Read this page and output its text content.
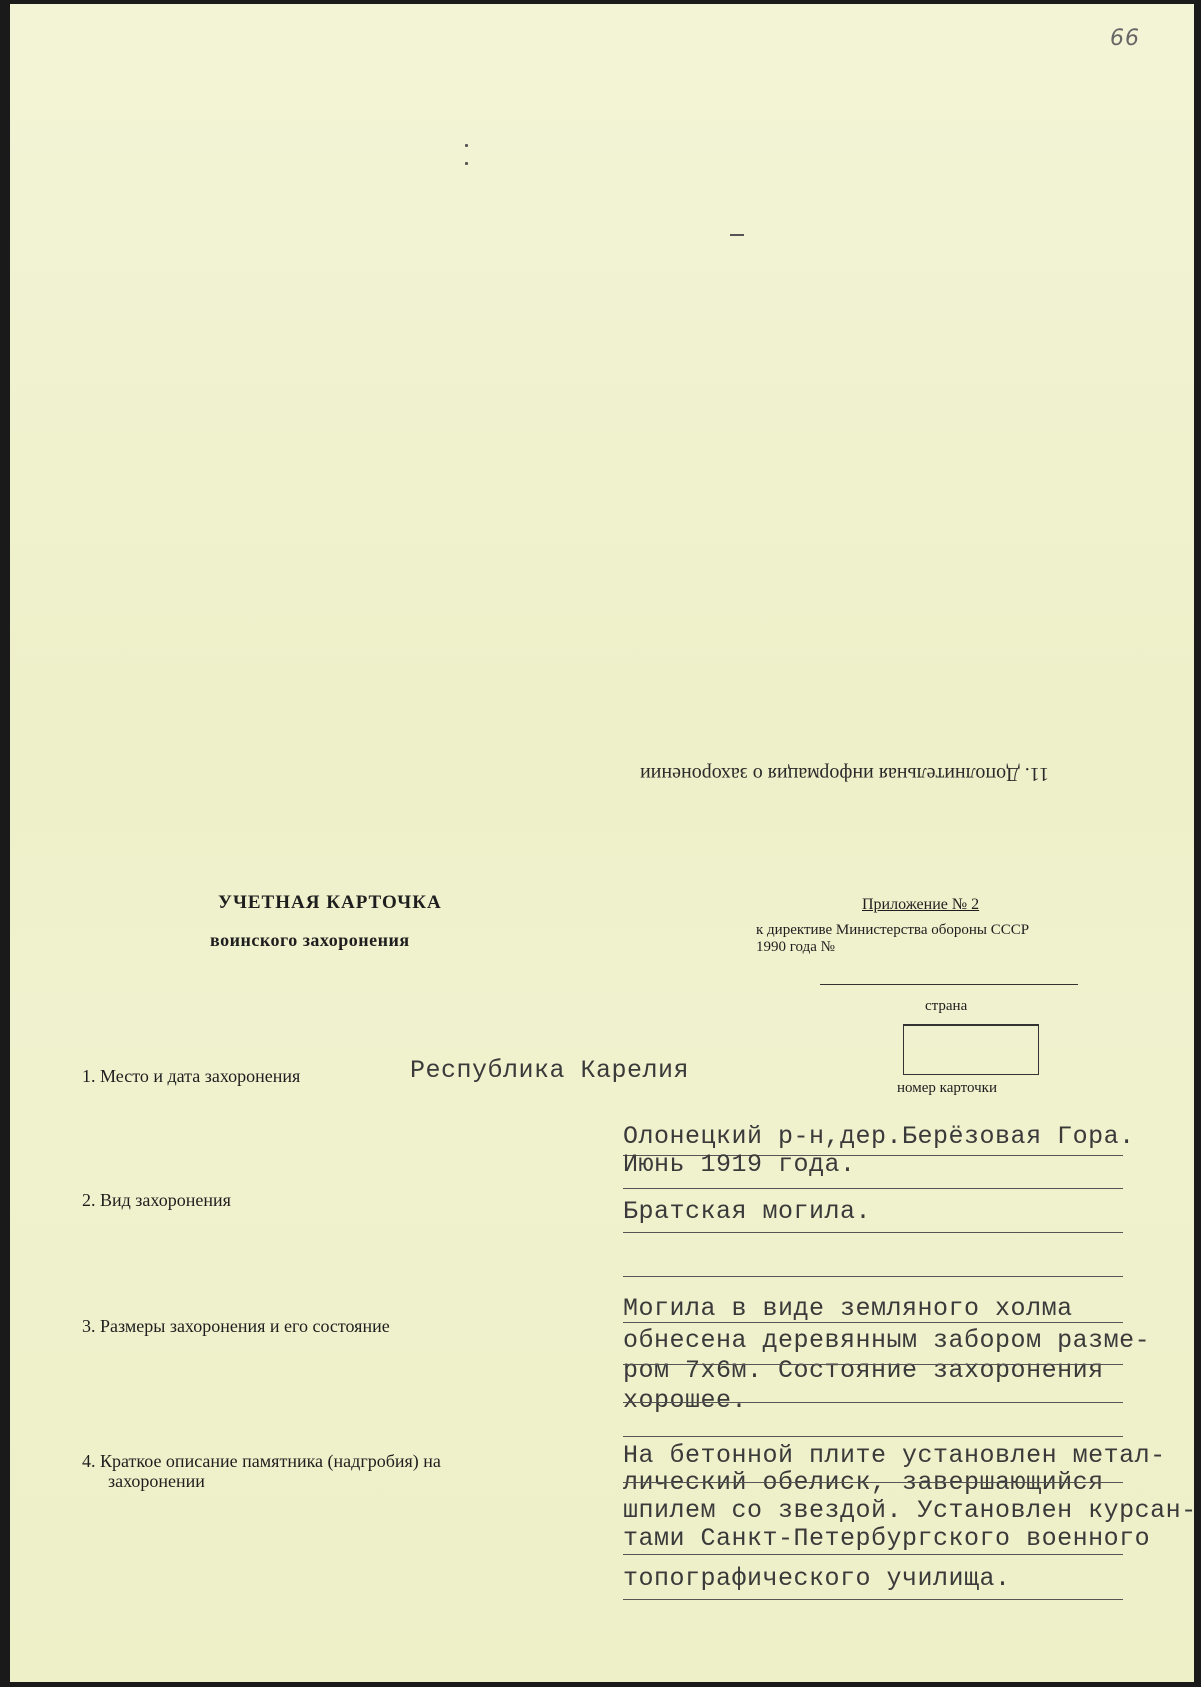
66
11. Дополнительная информация о захоронении
УЧЕТНАЯ КАРТОЧКА
воинского захоронения
Приложение № 2
к директиве Министерства обороны СССР
1990 года №
страна
номер карточки
1. Место и дата захоронения	Республика Карелия
Олонецкий р-н,дер.Берёзовая Гора.
Июнь 1919 года.
2. Вид захоронения	Братская могила.
3. Размеры захоронения и его состояние
Могила в виде земляного холма
обнесена деревянным забором разме-
ром 7х6м. Состояние захоронения
хорошее.
4. Краткое описание памятника (надгробия) на
захоронении
На бетонной плите установлен метал-
лический обелиск, завершающийся
шпилем со звездой. Установлен курсан-
тами Санкт-Петербургского военного
топографического училища.
